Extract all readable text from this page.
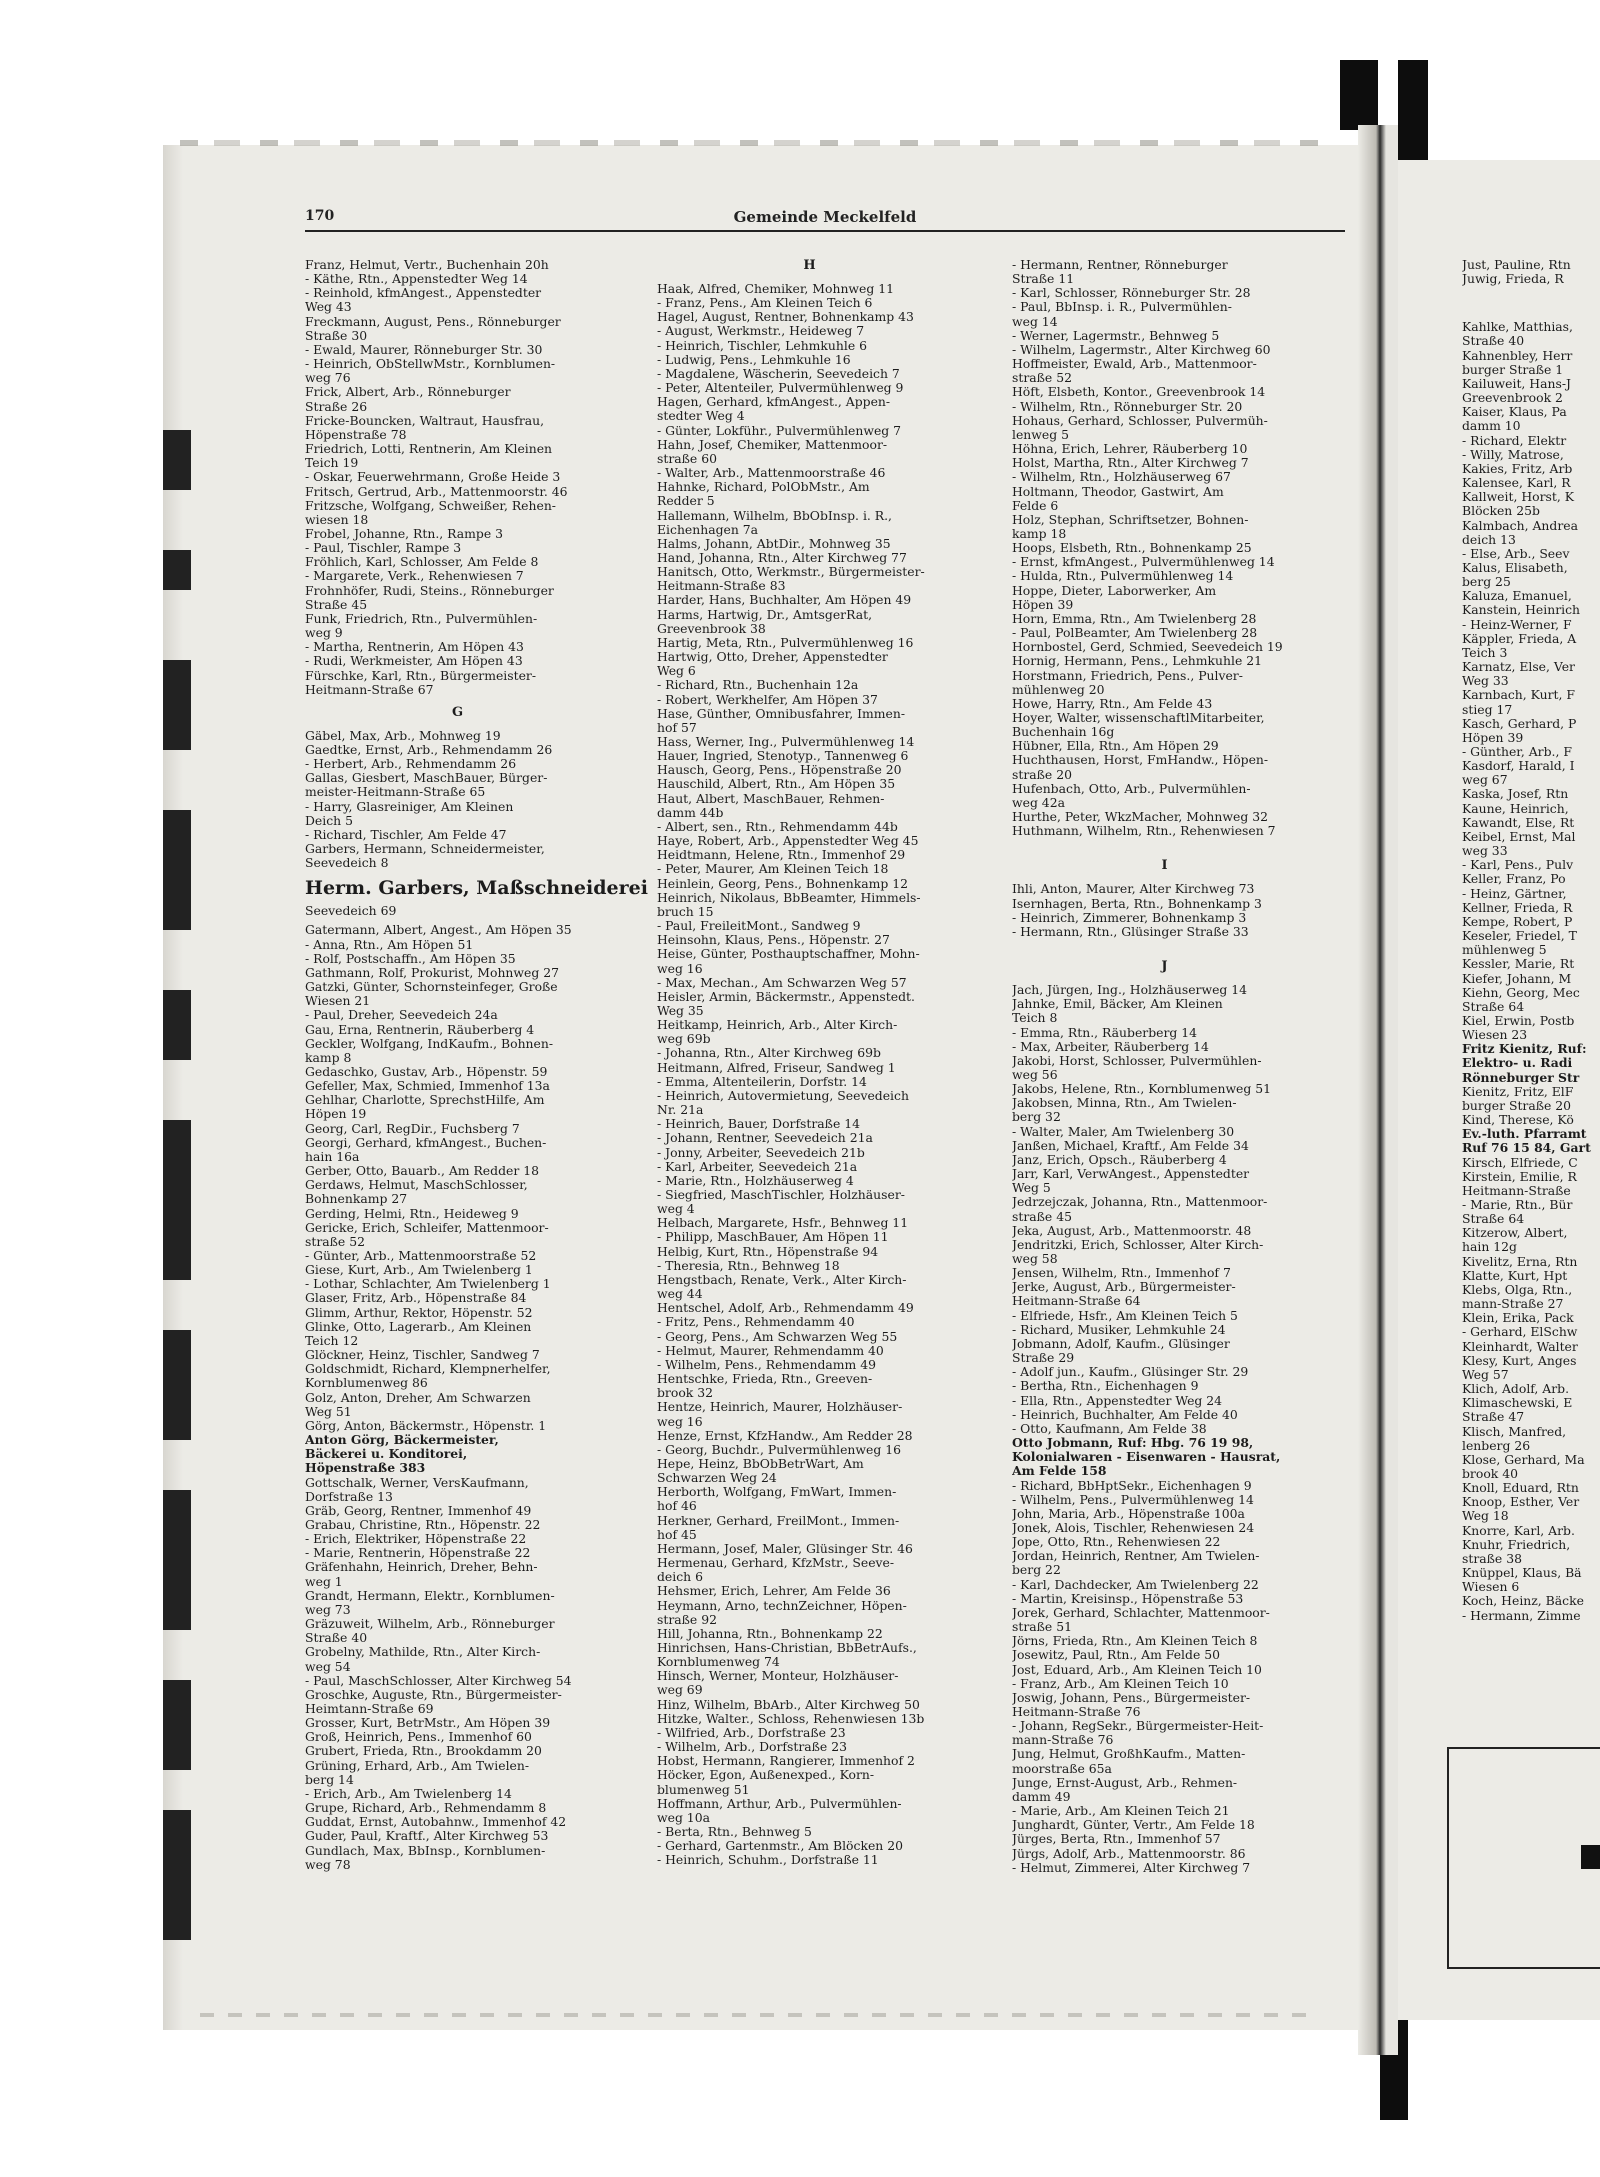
170	Gemeinde Meckelfeld
Franz, Helmut, Vertr., Buchenhain 20h
- Käthe, Rtn., Appenstedter Weg 14
- Reinhold, kfmAngest., Appenstedter
Weg 43
Freckmann, August, Pens., Rönneburger
Straße 30
- Ewald, Maurer, Rönneburger Str. 30
- Heinrich, ObStellwMstr., Kornblumen-
weg 76
Frick, Albert, Arb., Rönneburger
Straße 26
Fricke-Bouncken, Waltraut, Hausfrau,
Höpenstraße 78
Friedrich, Lotti, Rentnerin, Am Kleinen
Teich 19
- Oskar, Feuerwehrmann, Große Heide 3
Fritsch, Gertrud, Arb., Mattenmoorstr. 46
Fritzsche, Wolfgang, Schweißer, Rehen-
wiesen 18
Frobel, Johanne, Rtn., Rampe 3
- Paul, Tischler, Rampe 3
Fröhlich, Karl, Schlosser, Am Felde 8
- Margarete, Verk., Rehenwiesen 7
Frohnhöfer, Rudi, Steins., Rönneburger
Straße 45
Funk, Friedrich, Rtn., Pulvermühlen-
weg 9
- Martha, Rentnerin, Am Höpen 43
- Rudi, Werkmeister, Am Höpen 43
Fürschke, Karl, Rtn., Bürgermeister-
Heitmann-Straße 67
G
Gäbel, Max, Arb., Mohnweg 19
Gaedtke, Ernst, Arb., Rehmendamm 26
- Herbert, Arb., Rehmendamm 26
Gallas, Giesbert, MaschBauer, Bürger-
meister-Heitmann-Straße 65
- Harry, Glasreiniger, Am Kleinen
Deich 5
- Richard, Tischler, Am Felde 47
Garbers, Hermann, Schneidermeister,
Seevedeich 8
Herm. Garbers, Maßschneiderei
Seevedeich 69
Gatermann, Albert, Angest., Am Höpen 35
- Anna, Rtn., Am Höpen 51
- Rolf, Postschaffn., Am Höpen 35
Gathmann, Rolf, Prokurist, Mohnweg 27
Gatzki, Günter, Schornsteinfeger, Große
Wiesen 21
- Paul, Dreher, Seevedeich 24a
Gau, Erna, Rentnerin, Räuberberg 4
Geckler, Wolfgang, IndKaufm., Bohnen-
kamp 8
Gedaschko, Gustav, Arb., Höpenstr. 59
Gefeller, Max, Schmied, Immenhof 13a
Gehlhar, Charlotte, SprechstHilfe, Am
Höpen 19
Georg, Carl, RegDir., Fuchsberg 7
Georgi, Gerhard, kfmAngest., Buchen-
hain 16a
Gerber, Otto, Bauarb., Am Redder 18
Gerdaws, Helmut, MaschSchlosser,
Bohnenkamp 27
Gerding, Helmi, Rtn., Heideweg 9
Gericke, Erich, Schleifer, Mattenmoor-
straße 52
- Günter, Arb., Mattenmoorstraße 52
Giese, Kurt, Arb., Am Twielenberg 1
- Lothar, Schlachter, Am Twielenberg 1
Glaser, Fritz, Arb., Höpenstraße 84
Glimm, Arthur, Rektor, Höpenstr. 52
Glinke, Otto, Lagerarb., Am Kleinen
Teich 12
Glöckner, Heinz, Tischler, Sandweg 7
Goldschmidt, Richard, Klempnerhelfer,
Kornblumenweg 86
Golz, Anton, Dreher, Am Schwarzen
Weg 51
Görg, Anton, Bäckermstr., Höpenstr. 1
Anton Görg, Bäckermeister,
Bäckerei u. Konditorei,
Höpenstraße 383
Gottschalk, Werner, VersKaufmann,
Dorfstraße 13
Gräb, Georg, Rentner, Immenhof 49
Grabau, Christine, Rtn., Höpenstr. 22
- Erich, Elektriker, Höpenstraße 22
- Marie, Rentnerin, Höpenstraße 22
Gräfenhahn, Heinrich, Dreher, Behn-
weg 1
Grandt, Hermann, Elektr., Kornblumen-
weg 73
Gräzuweit, Wilhelm, Arb., Rönneburger
Straße 40
Grobelny, Mathilde, Rtn., Alter Kirch-
weg 54
- Paul, MaschSchlosser, Alter Kirchweg 54
Groschke, Auguste, Rtn., Bürgermeister-
Heimtann-Straße 69
Grosser, Kurt, BetrMstr., Am Höpen 39
Groß, Heinrich, Pens., Immenhof 60
Grubert, Frieda, Rtn., Brookdamm 20
Grüning, Erhard, Arb., Am Twielen-
berg 14
- Erich, Arb., Am Twielenberg 14
Grupe, Richard, Arb., Rehmendamm 8
Guddat, Ernst, Autobahnw., Immenhof 42
Guder, Paul, Kraftf., Alter Kirchweg 53
Gundlach, Max, BbInsp., Kornblumen-
weg 78
H
Haak, Alfred, Chemiker, Mohnweg 11
- Franz, Pens., Am Kleinen Teich 6
Hagel, August, Rentner, Bohnenkamp 43
- August, Werkmstr., Heideweg 7
- Heinrich, Tischler, Lehmkuhle 6
- Ludwig, Pens., Lehmkuhle 16
- Magdalene, Wäscherin, Seevedeich 7
- Peter, Altenteiler, Pulvermühlenweg 9
Hagen, Gerhard, kfmAngest., Appen-
stedter Weg 4
- Günter, Lokführ., Pulvermühlenweg 7
Hahn, Josef, Chemiker, Mattenmoor-
straße 60
- Walter, Arb., Mattenmoorstraße 46
Hahnke, Richard, PolObMstr., Am
Redder 5
Hallemann, Wilhelm, BbObInsp. i. R.,
Eichenhagen 7a
Halms, Johann, AbtDir., Mohnweg 35
Hand, Johanna, Rtn., Alter Kirchweg 77
Hanitsch, Otto, Werkmstr., Bürgermeister-
Heitmann-Straße 83
Harder, Hans, Buchhalter, Am Höpen 49
Harms, Hartwig, Dr., AmtsgerRat,
Greevenbrook 38
Hartig, Meta, Rtn., Pulvermühlenweg 16
Hartwig, Otto, Dreher, Appenstedter
Weg 6
- Richard, Rtn., Buchenhain 12a
- Robert, Werkhelfer, Am Höpen 37
Hase, Günther, Omnibusfahrer, Immen-
hof 57
Hass, Werner, Ing., Pulvermühlenweg 14
Hauer, Ingried, Stenotyp., Tannenweg 6
Hausch, Georg, Pens., Höpenstraße 20
Hauschild, Albert, Rtn., Am Höpen 35
Haut, Albert, MaschBauer, Rehmen-
damm 44b
- Albert, sen., Rtn., Rehmendamm 44b
Haye, Robert, Arb., Appenstedter Weg 45
Heidtmann, Helene, Rtn., Immenhof 29
- Peter, Maurer, Am Kleinen Teich 18
Heinlein, Georg, Pens., Bohnenkamp 12
Heinrich, Nikolaus, BbBeamter, Himmels-
bruch 15
- Paul, FreileitMont., Sandweg 9
Heinsohn, Klaus, Pens., Höpenstr. 27
Heise, Günter, Posthauptschaffner, Mohn-
weg 16
- Max, Mechan., Am Schwarzen Weg 57
Heisler, Armin, Bäckermstr., Appenstedt.
Weg 35
Heitkamp, Heinrich, Arb., Alter Kirch-
weg 69b
- Johanna, Rtn., Alter Kirchweg 69b
Heitmann, Alfred, Friseur, Sandweg 1
- Emma, Altenteilerin, Dorfstr. 14
- Heinrich, Autovermietung, Seevedeich
Nr. 21a
- Heinrich, Bauer, Dorfstraße 14
- Johann, Rentner, Seevedeich 21a
- Jonny, Arbeiter, Seevedeich 21b
- Karl, Arbeiter, Seevedeich 21a
- Marie, Rtn., Holzhäuserweg 4
- Siegfried, MaschTischler, Holzhäuser-
weg 4
Helbach, Margarete, Hsfr., Behnweg 11
- Philipp, MaschBauer, Am Höpen 11
Helbig, Kurt, Rtn., Höpenstraße 94
- Theresia, Rtn., Behnweg 18
Hengstbach, Renate, Verk., Alter Kirch-
weg 44
Hentschel, Adolf, Arb., Rehmendamm 49
- Fritz, Pens., Rehmendamm 40
- Georg, Pens., Am Schwarzen Weg 55
- Helmut, Maurer, Rehmendamm 40
- Wilhelm, Pens., Rehmendamm 49
Hentschke, Frieda, Rtn., Greeven-
brook 32
Hentze, Heinrich, Maurer, Holzhäuser-
weg 16
Henze, Ernst, KfzHandw., Am Redder 28
- Georg, Buchdr., Pulvermühlenweg 16
Hepe, Heinz, BbObBetrWart, Am
Schwarzen Weg 24
Herborth, Wolfgang, FmWart, Immen-
hof 46
Herkner, Gerhard, FreilMont., Immen-
hof 45
Hermann, Josef, Maler, Glüsinger Str. 46
Hermenau, Gerhard, KfzMstr., Seeve-
deich 6
Hehsmer, Erich, Lehrer, Am Felde 36
Heymann, Arno, technZeichner, Höpen-
straße 92
Hill, Johanna, Rtn., Bohnenkamp 22
Hinrichsen, Hans-Christian, BbBetrAufs.,
Kornblumenweg 74
Hinsch, Werner, Monteur, Holzhäuser-
weg 69
Hinz, Wilhelm, BbArb., Alter Kirchweg 50
Hitzke, Walter., Schloss, Rehenwiesen 13b
- Wilfried, Arb., Dorfstraße 23
- Wilhelm, Arb., Dorfstraße 23
Hobst, Hermann, Rangierer, Immenhof 2
Höcker, Egon, Außenexped., Korn-
blumenweg 51
Hoffmann, Arthur, Arb., Pulvermühlen-
weg 10a
- Berta, Rtn., Behnweg 5
- Gerhard, Gartenmstr., Am Blöcken 20
- Heinrich, Schuhm., Dorfstraße 11
- Hermann, Rentner, Rönneburger
Straße 11
- Karl, Schlosser, Rönneburger Str. 28
- Paul, BbInsp. i. R., Pulvermühlen-
weg 14
- Werner, Lagermstr., Behnweg 5
- Wilhelm, Lagermstr., Alter Kirchweg 60
Hoffmeister, Ewald, Arb., Mattenmoor-
straße 52
Höft, Elsbeth, Kontor., Greevenbrook 14
- Wilhelm, Rtn., Rönneburger Str. 20
Hohaus, Gerhard, Schlosser, Pulvermüh-
lenweg 5
Höhna, Erich, Lehrer, Räuberberg 10
Holst, Martha, Rtn., Alter Kirchweg 7
- Wilhelm, Rtn., Holzhäuserweg 67
Holtmann, Theodor, Gastwirt, Am
Felde 6
Holz, Stephan, Schriftsetzer, Bohnen-
kamp 18
Hoops, Elsbeth, Rtn., Bohnenkamp 25
- Ernst, kfmAngest., Pulvermühlenweg 14
- Hulda, Rtn., Pulvermühlenweg 14
Hoppe, Dieter, Laborwerker, Am
Höpen 39
Horn, Emma, Rtn., Am Twielenberg 28
- Paul, PolBeamter, Am Twielenberg 28
Hornbostel, Gerd, Schmied, Seevedeich 19
Hornig, Hermann, Pens., Lehmkuhle 21
Horstmann, Friedrich, Pens., Pulver-
mühlenweg 20
Howe, Harry, Rtn., Am Felde 43
Hoyer, Walter, wissenschaftlMitarbeiter,
Buchenhain 16g
Hübner, Ella, Rtn., Am Höpen 29
Huchthausen, Horst, FmHandw., Höpen-
straße 20
Hufenbach, Otto, Arb., Pulvermühlen-
weg 42a
Hurthe, Peter, WkzMacher, Mohnweg 32
Huthmann, Wilhelm, Rtn., Rehenwiesen 7
I
Ihli, Anton, Maurer, Alter Kirchweg 73
Isernhagen, Berta, Rtn., Bohnenkamp 3
- Heinrich, Zimmerer, Bohnenkamp 3
- Hermann, Rtn., Glüsinger Straße 33
J
Jach, Jürgen, Ing., Holzhäuserweg 14
Jahnke, Emil, Bäcker, Am Kleinen
Teich 8
- Emma, Rtn., Räuberberg 14
- Max, Arbeiter, Räuberberg 14
Jakobi, Horst, Schlosser, Pulvermühlen-
weg 56
Jakobs, Helene, Rtn., Kornblumenweg 51
Jakobsen, Minna, Rtn., Am Twielen-
berg 32
- Walter, Maler, Am Twielenberg 30
Janßen, Michael, Kraftf., Am Felde 34
Janz, Erich, Opsch., Räuberberg 4
Jarr, Karl, VerwAngest., Appenstedter
Weg 5
Jedrzejczak, Johanna, Rtn., Mattenmoor-
straße 45
Jeka, August, Arb., Mattenmoorstr. 48
Jendritzki, Erich, Schlosser, Alter Kirch-
weg 58
Jensen, Wilhelm, Rtn., Immenhof 7
Jerke, August, Arb., Bürgermeister-
Heitmann-Straße 64
- Elfriede, Hsfr., Am Kleinen Teich 5
- Richard, Musiker, Lehmkuhle 24
Jobmann, Adolf, Kaufm., Glüsinger
Straße 29
- Adolf jun., Kaufm., Glüsinger Str. 29
- Bertha, Rtn., Eichenhagen 9
- Ella, Rtn., Appenstedter Weg 24
- Heinrich, Buchhalter, Am Felde 40
- Otto, Kaufmann, Am Felde 38
Otto Jobmann, Ruf: Hbg. 76 19 98,
Kolonialwaren - Eisenwaren - Hausrat,
Am Felde 158
- Richard, BbHptSekr., Eichenhagen 9
- Wilhelm, Pens., Pulvermühlenweg 14
John, Maria, Arb., Höpenstraße 100a
Jonek, Alois, Tischler, Rehenwiesen 24
Jope, Otto, Rtn., Rehenwiesen 22
Jordan, Heinrich, Rentner, Am Twielen-
berg 22
- Karl, Dachdecker, Am Twielenberg 22
- Martin, Kreisinsp., Höpenstraße 53
Jorek, Gerhard, Schlachter, Mattenmoor-
straße 51
Jörns, Frieda, Rtn., Am Kleinen Teich 8
Josewitz, Paul, Rtn., Am Felde 50
Jost, Eduard, Arb., Am Kleinen Teich 10
- Franz, Arb., Am Kleinen Teich 10
Joswig, Johann, Pens., Bürgermeister-
Heitmann-Straße 76
- Johann, RegSekr., Bürgermeister-Heit-
mann-Straße 76
Jung, Helmut, GroßhKaufm., Matten-
moorstraße 65a
Junge, Ernst-August, Arb., Rehmen-
damm 49
- Marie, Arb., Am Kleinen Teich 21
Junghardt, Günter, Vertr., Am Felde 18
Jürges, Berta, Rtn., Immenhof 57
Jürgs, Adolf, Arb., Mattenmoorstr. 86
- Helmut, Zimmerei, Alter Kirchweg 7
Just, Pauline, Rtn
Juwig, Frieda, R
Kahlke, Matthias,
Straße 40
Kahnenbley, Herr
burger Straße 1
Kailuweit, Hans-J
Greevenbrook 2
Kaiser, Klaus, Pa
damm 10
- Richard, Elektr
- Willy, Matrose,
Kakies, Fritz, Arb
Kalensee, Karl, R
Kallweit, Horst, K
Blöcken 25b
Kalmbach, Andrea
deich 13
- Else, Arb., Seev
Kalus, Elisabeth,
berg 25
Kaluza, Emanuel,
Kanstein, Heinrich
- Heinz-Werner, F
Käppler, Frieda, A
Teich 3
Karnatz, Else, Ver
Weg 33
Karnbach, Kurt, F
stieg 17
Kasch, Gerhard, P
Höpen 39
- Günther, Arb., F
Kasdorf, Harald, I
weg 67
Kaska, Josef, Rtn
Kaune, Heinrich,
Kawandt, Else, Rt
Keibel, Ernst, Mal
weg 33
- Karl, Pens., Pulv
Keller, Franz, Po
- Heinz, Gärtner,
Kellner, Frieda, R
Kempe, Robert, P
Keseler, Friedel, T
mühlenweg 5
Kessler, Marie, Rt
Kiefer, Johann, M
Kiehn, Georg, Mec
Straße 64
Kiel, Erwin, Postb
Wiesen 23
Fritz Kienitz, Ruf:
Elektro- u. Radi
Rönneburger Str
Kienitz, Fritz, ElF
burger Straße 20
Kind, Therese, Kö
Ev.-luth. Pfarramt
Ruf 76 15 84, Gart
Kirsch, Elfriede, C
Kirstein, Emilie, R
Heitmann-Straße
- Marie, Rtn., Bür
Straße 64
Kitzerow, Albert,
hain 12g
Kivelitz, Erna, Rtn
Klatte, Kurt, Hpt
Klebs, Olga, Rtn.,
mann-Straße 27
Klein, Erika, Pack
- Gerhard, ElSchw
Kleinhardt, Walter
Klesy, Kurt, Anges
Weg 57
Klich, Adolf, Arb.
Klimaschewski, E
Straße 47
Klisch, Manfred,
lenberg 26
Klose, Gerhard, Ma
brook 40
Knoll, Eduard, Rtn
Knoop, Esther, Ver
Weg 18
Knorre, Karl, Arb.
Knuhr, Friedrich,
straße 38
Knüppel, Klaus, Bä
Wiesen 6
Koch, Heinz, Bäcke
- Hermann, Zimme
